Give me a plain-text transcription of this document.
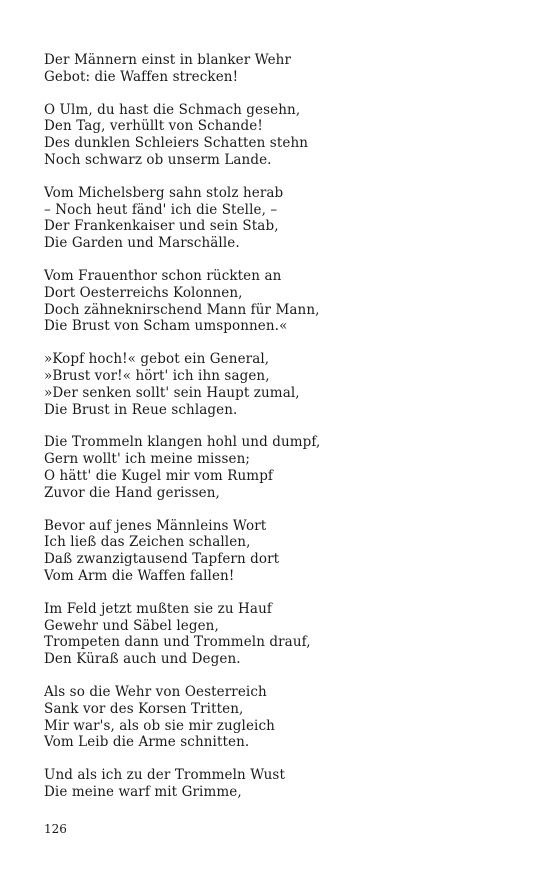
Der Männern einst in blanker Wehr
Gebot: die Waffen strecken!
O Ulm, du hast die Schmach gesehn,
Den Tag, verhüllt von Schande!
Des dunklen Schleiers Schatten stehn
Noch schwarz ob unserm Lande.
Vom Michelsberg sahn stolz herab
– Noch heut fänd' ich die Stelle, –
Der Frankenkaiser und sein Stab,
Die Garden und Marschälle.
Vom Frauenthor schon rückten an
Dort Oesterreichs Kolonnen,
Doch zähneknirschend Mann für Mann,
Die Brust von Scham umsponnen.«
»Kopf hoch!« gebot ein General,
»Brust vor!« hört' ich ihn sagen,
»Der senken sollt' sein Haupt zumal,
Die Brust in Reue schlagen.
Die Trommeln klangen hohl und dumpf,
Gern wollt' ich meine missen;
O hätt' die Kugel mir vom Rumpf
Zuvor die Hand gerissen,
Bevor auf jenes Männleins Wort
Ich ließ das Zeichen schallen,
Daß zwanzigtausend Tapfern dort
Vom Arm die Waffen fallen!
Im Feld jetzt mußten sie zu Hauf
Gewehr und Säbel legen,
Trompeten dann und Trommeln drauf,
Den Küraß auch und Degen.
Als so die Wehr von Oesterreich
Sank vor des Korsen Tritten,
Mir war's, als ob sie mir zugleich
Vom Leib die Arme schnitten.
Und als ich zu der Trommeln Wust
Die meine warf mit Grimme,
126
